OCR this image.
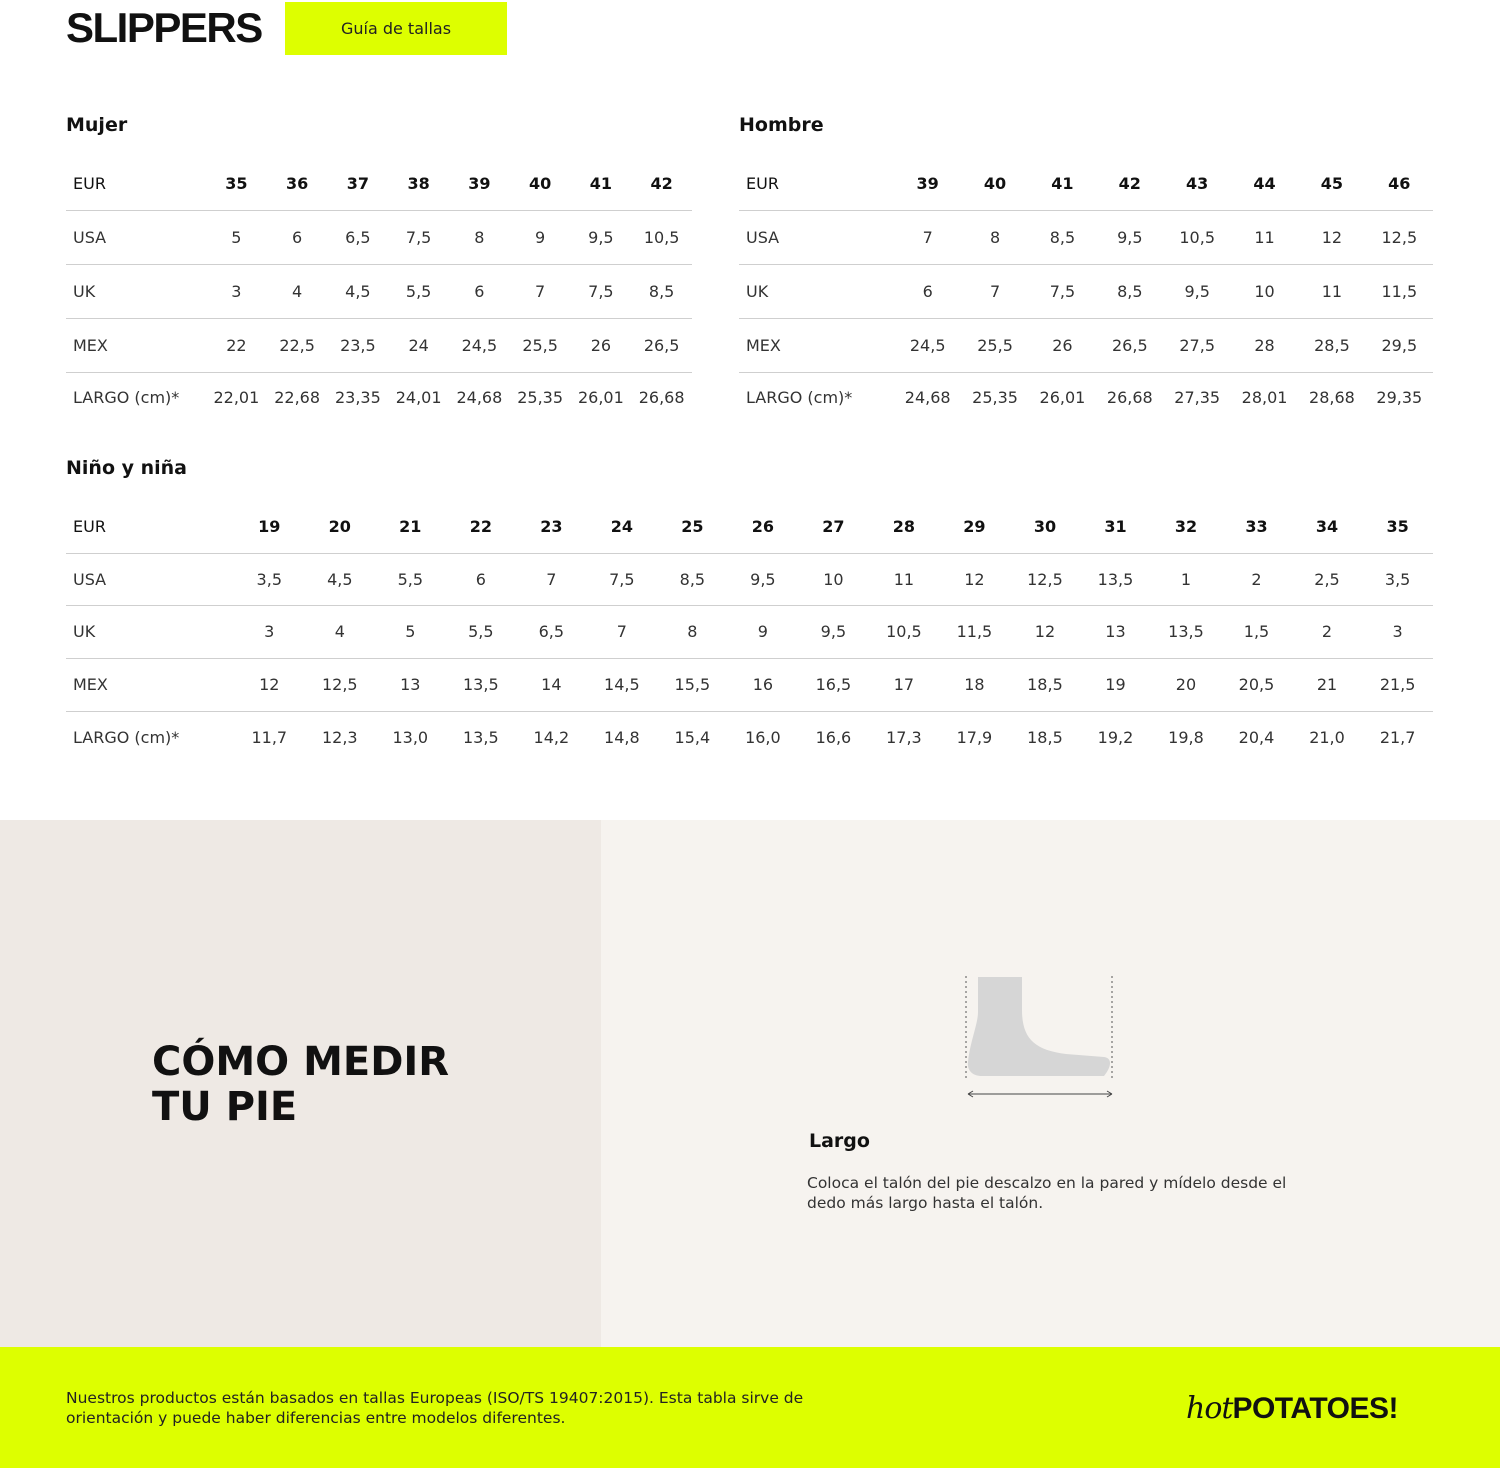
SLIPPERS	Guía de tallas
Mujer
EUR	35	36	37	38	39	40	41	42
USA	5	6	6,5	7,5	8	9	9,5	10,5
UK	3	4	4,5	5,5	6	7	7,5	8,5
MEX	22	22,5	23,5	24	24,5	25,5	26	26,5
LARGO (cm)*	22,01	22,68	23,35	24,01	24,68	25,35	26,01	26,68
Hombre
EUR	39	40	41	42	43	44	45	46
USA	7	8	8,5	9,5	10,5	11	12	12,5
UK	6	7	7,5	8,5	9,5	10	11	11,5
MEX	24,5	25,5	26	26,5	27,5	28	28,5	29,5
LARGO (cm)*	24,68	25,35	26,01	26,68	27,35	28,01	28,68	29,35
Niño y niña
EUR	19	20	21	22	23	24	25	26	27	28	29	30	31	32	33	34	35
USA	3,5	4,5	5,5	6	7	7,5	8,5	9,5	10	11	12	12,5	13,5	1	2	2,5	3,5
UK	3	4	5	5,5	6,5	7	8	9	9,5	10,5	11,5	12	13	13,5	1,5	2	3
MEX	12	12,5	13	13,5	14	14,5	15,5	16	16,5	17	18	18,5	19	20	20,5	21	21,5
LARGO (cm)*	11,7	12,3	13,0	13,5	14,2	14,8	15,4	16,0	16,6	17,3	17,9	18,5	19,2	19,8	20,4	21,0	21,7
CÓMO MEDIR
TU PIE
Largo
Coloca el talón del pie descalzo en la pared y mídelo desde el dedo más largo hasta el talón.
Nuestros productos están basados en tallas Europeas (ISO/TS 19407:2015). Esta tabla sirve de orientación y puede haber diferencias entre modelos diferentes.	hot POTATOES!
